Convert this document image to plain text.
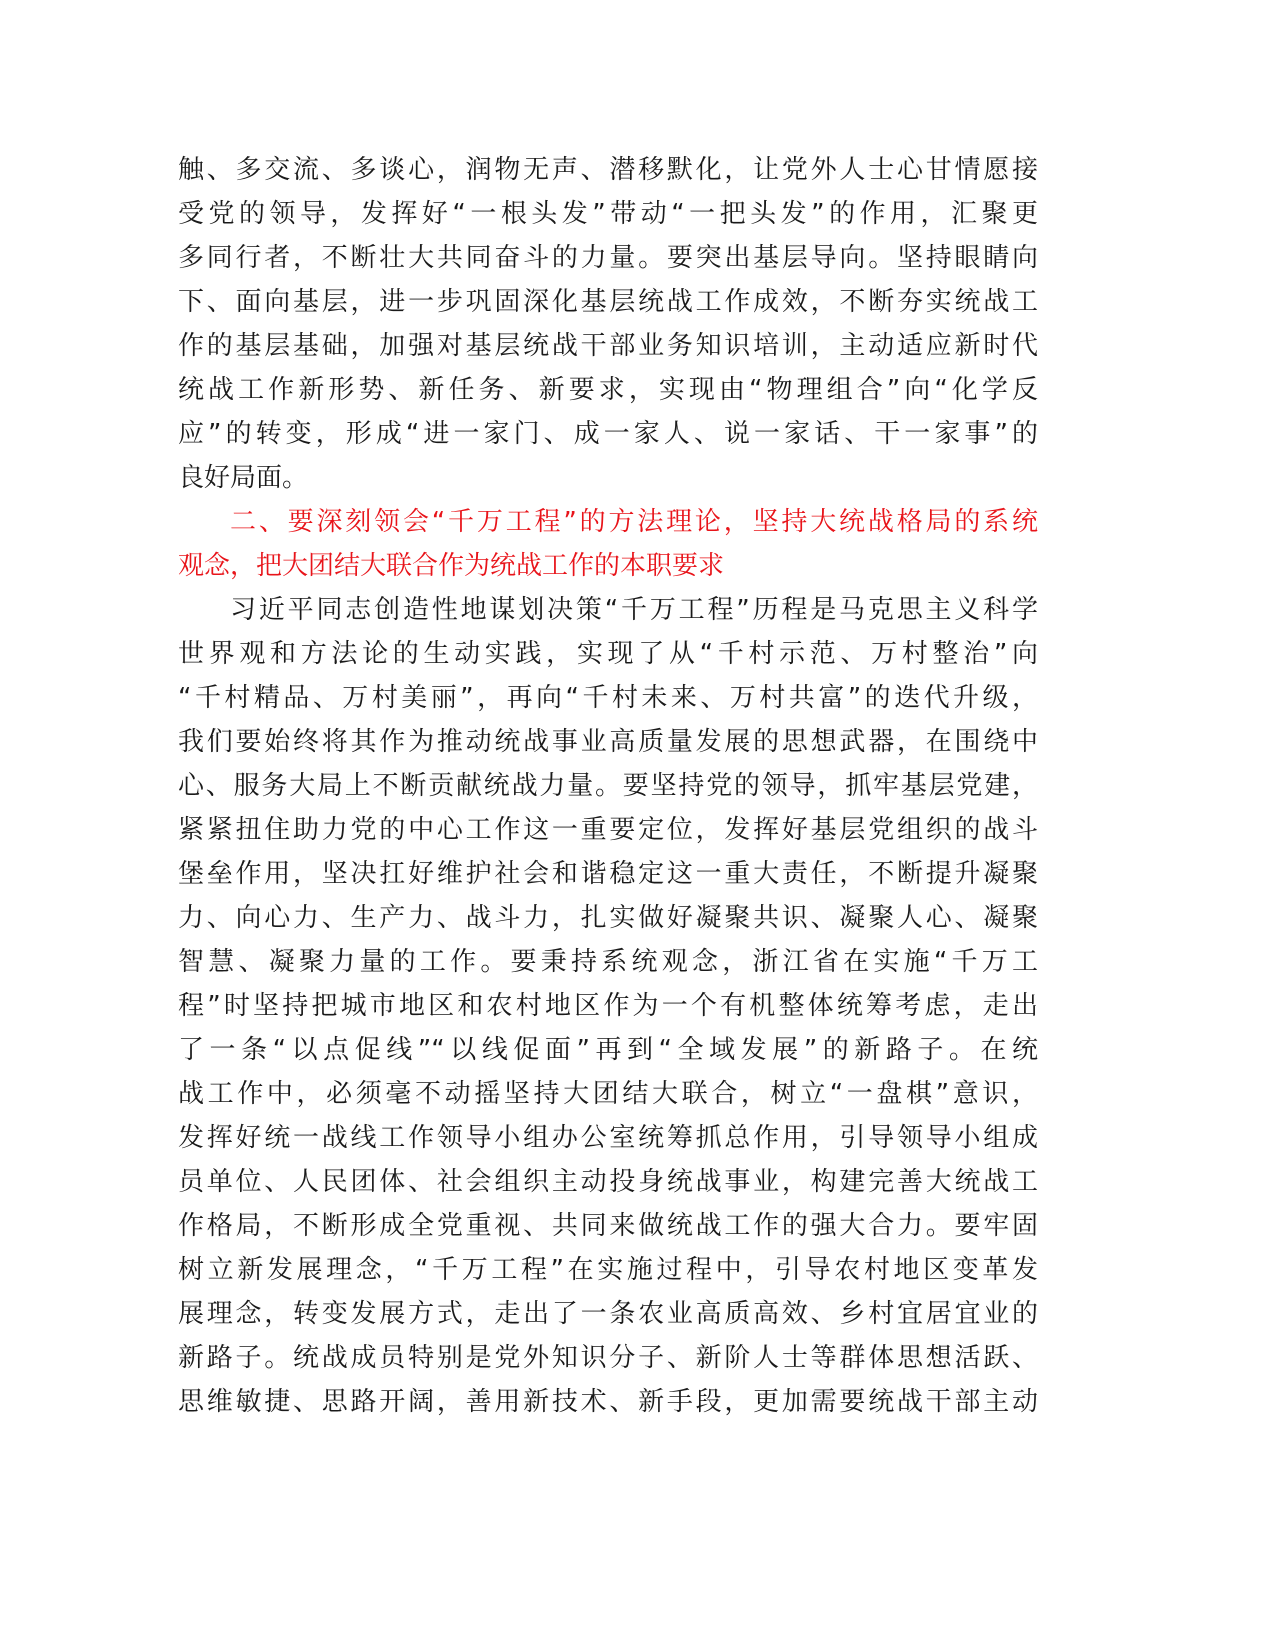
触、多交流、多谈心，润物无声、潜移默化，让党外人士心甘情愿接
受党的领导，发挥好“一根头发”带动“一把头发”的作用，汇聚更
多同行者，不断壮大共同奋斗的力量。要突出基层导向。坚持眼睛向
下、面向基层，进一步巩固深化基层统战工作成效，不断夯实统战工
作的基层基础，加强对基层统战干部业务知识培训，主动适应新时代
统战工作新形势、新任务、新要求，实现由“物理组合”向“化学反
应”的转变，形成“进一家门、成一家人、说一家话、干一家事”的
良好局面。
二、要深刻领会“千万工程”的方法理论，坚持大统战格局的系统
观念，把大团结大联合作为统战工作的本职要求
习近平同志创造性地谋划决策“千万工程”历程是马克思主义科学
世界观和方法论的生动实践，实现了从“千村示范、万村整治”向
“千村精品、万村美丽”，再向“千村未来、万村共富”的迭代升级，
我们要始终将其作为推动统战事业高质量发展的思想武器，在围绕中
心、服务大局上不断贡献统战力量。要坚持党的领导，抓牢基层党建，
紧紧扭住助力党的中心工作这一重要定位，发挥好基层党组织的战斗
堡垒作用，坚决扛好维护社会和谐稳定这一重大责任，不断提升凝聚
力、向心力、生产力、战斗力，扎实做好凝聚共识、凝聚人心、凝聚
智慧、凝聚力量的工作。要秉持系统观念，浙江省在实施“千万工
程”时坚持把城市地区和农村地区作为一个有机整体统筹考虑，走出
了一条“以点促线”“以线促面”再到“全域发展”的新路子。在统
战工作中，必须毫不动摇坚持大团结大联合，树立“一盘棋”意识，
发挥好统一战线工作领导小组办公室统筹抓总作用，引导领导小组成
员单位、人民团体、社会组织主动投身统战事业，构建完善大统战工
作格局，不断形成全党重视、共同来做统战工作的强大合力。要牢固
树立新发展理念，“千万工程”在实施过程中，引导农村地区变革发
展理念，转变发展方式，走出了一条农业高质高效、乡村宜居宜业的
新路子。统战成员特别是党外知识分子、新阶人士等群体思想活跃、
思维敏捷、思路开阔，善用新技术、新手段，更加需要统战干部主动
